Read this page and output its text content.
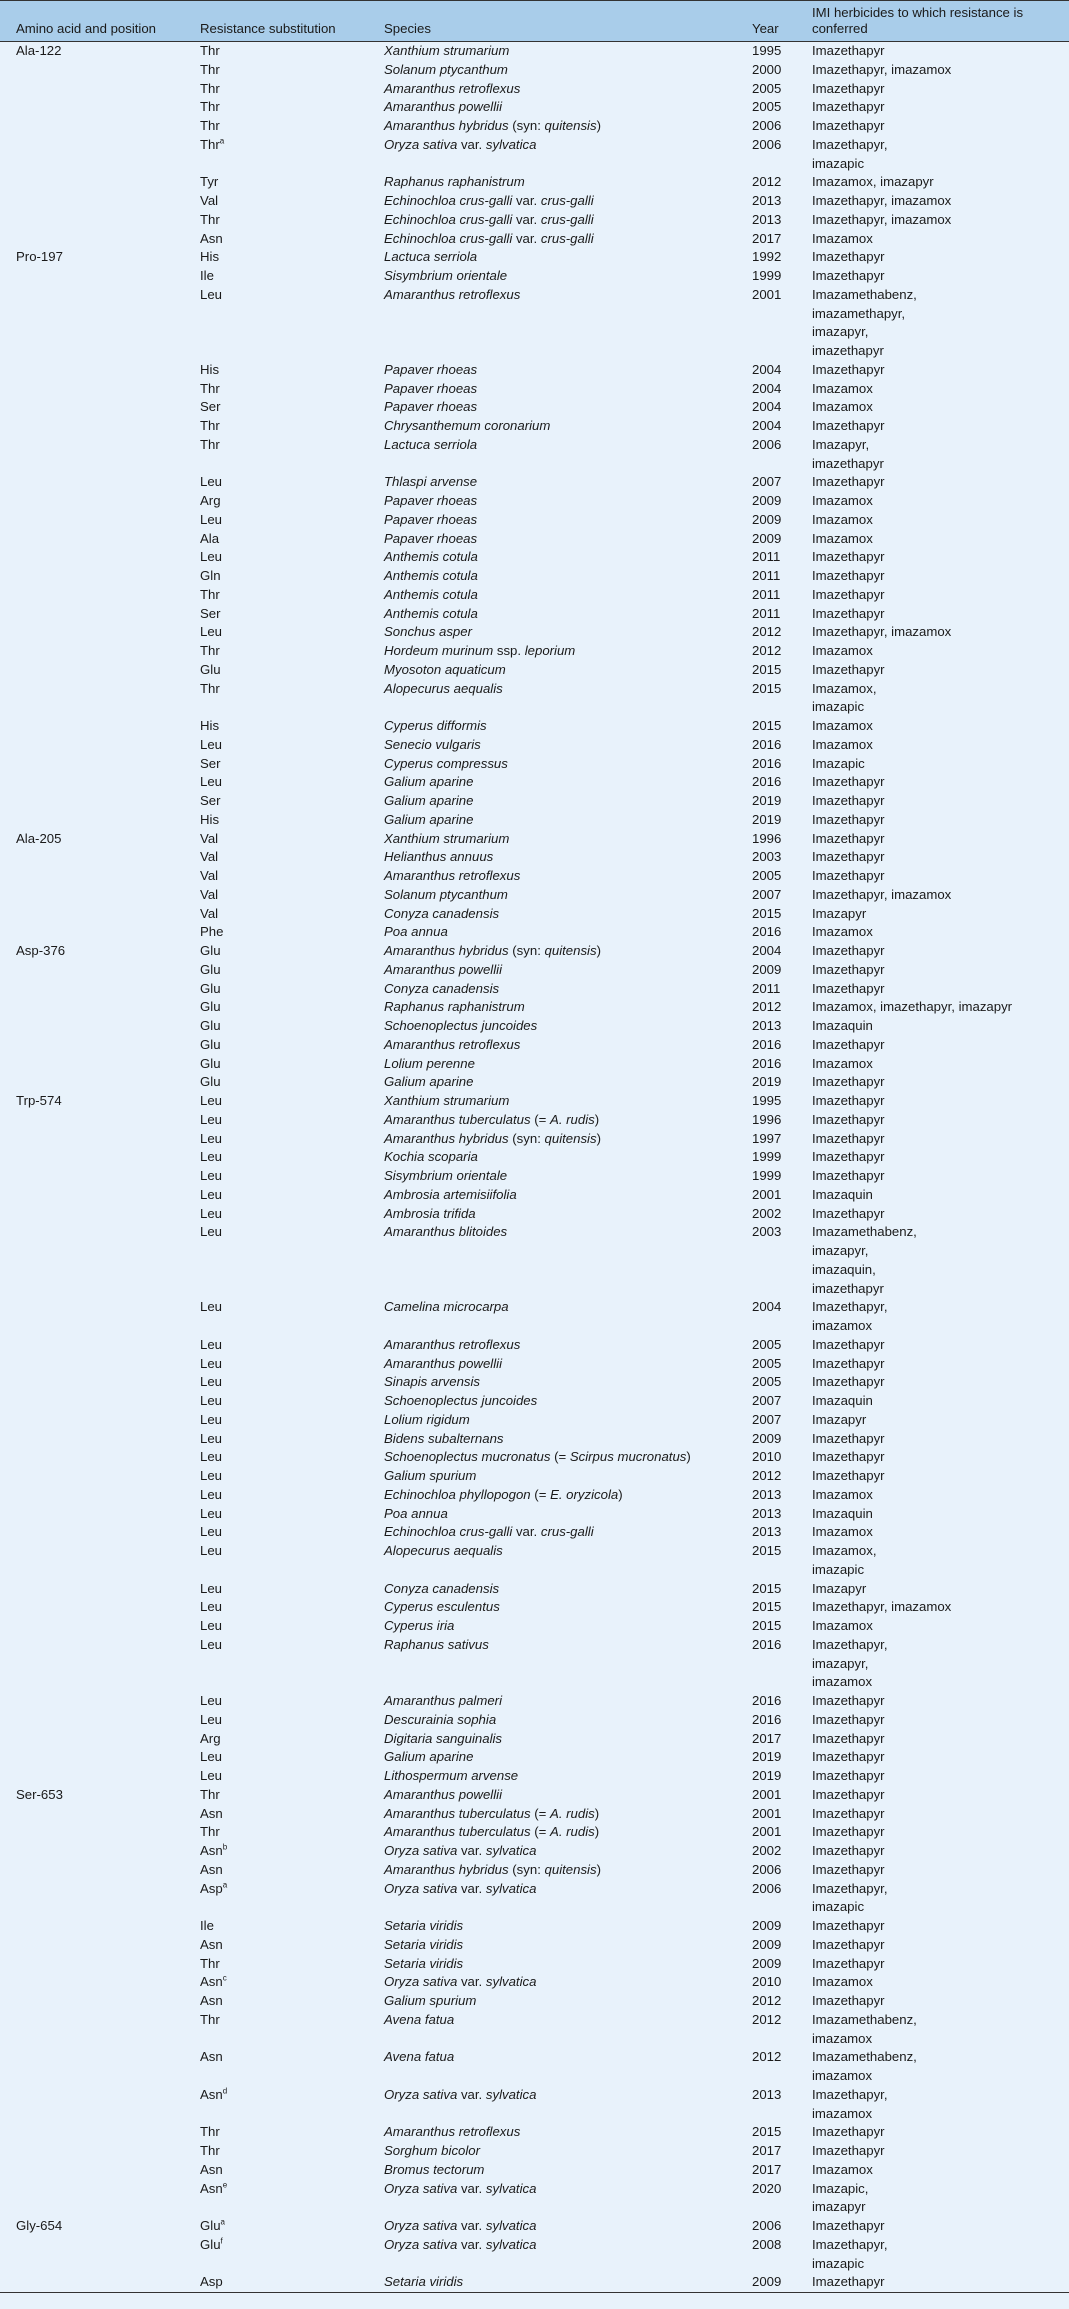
Amino acid and position	Resistance substitution	Species	Year	IMI herbicides to which resistance is conferred
Ala-122	Thr	Xanthium strumarium	1995	Imazethapyr
	Thr	Solanum ptycanthum	2000	Imazethapyr, imazamox
	Thr	Amaranthus retroflexus	2005	Imazethapyr
	Thr	Amaranthus powellii	2005	Imazethapyr
	Thr	Amaranthus hybridus (syn: quitensis)	2006	Imazethapyr
	Thr$^a$	Oryza sativa var. sylvatica	2006	Imazethapyr,
imazapic
	Tyr	Raphanus raphanistrum	2012	Imazamox, imazapyr
	Val	Echinochloa crus-galli var. crus-galli	2013	Imazethapyr, imazamox
	Thr	Echinochloa crus-galli var. crus-galli	2013	Imazethapyr, imazamox
	Asn	Echinochloa crus-galli var. crus-galli	2017	Imazamox
Pro-197	His	Lactuca serriola	1992	Imazethapyr
	Ile	Sisymbrium orientale	1999	Imazethapyr
	Leu	Amaranthus retroflexus	2001	Imazamethabenz,
imazamethapyr,
imazapyr,
imazethapyr
	His	Papaver rhoeas	2004	Imazethapyr
	Thr	Papaver rhoeas	2004	Imazamox
	Ser	Papaver rhoeas	2004	Imazamox
	Thr	Chrysanthemum coronarium	2004	Imazethapyr
	Thr	Lactuca serriola	2006	Imazapyr,
imazethapyr
	Leu	Thlaspi arvense	2007	Imazethapyr
	Arg	Papaver rhoeas	2009	Imazamox
	Leu	Papaver rhoeas	2009	Imazamox
	Ala	Papaver rhoeas	2009	Imazamox
	Leu	Anthemis cotula	2011	Imazethapyr
	Gln	Anthemis cotula	2011	Imazethapyr
	Thr	Anthemis cotula	2011	Imazethapyr
	Ser	Anthemis cotula	2011	Imazethapyr
	Leu	Sonchus asper	2012	Imazethapyr, imazamox
	Thr	Hordeum murinum ssp. leporium	2012	Imazamox
	Glu	Myosoton aquaticum	2015	Imazethapyr
	Thr	Alopecurus aequalis	2015	Imazamox,
imazapic
	His	Cyperus difformis	2015	Imazamox
	Leu	Senecio vulgaris	2016	Imazamox
	Ser	Cyperus compressus	2016	Imazapic
	Leu	Galium aparine	2016	Imazethapyr
	Ser	Galium aparine	2019	Imazethapyr
	His	Galium aparine	2019	Imazethapyr
Ala-205	Val	Xanthium strumarium	1996	Imazethapyr
	Val	Helianthus annuus	2003	Imazethapyr
	Val	Amaranthus retroflexus	2005	Imazethapyr
	Val	Solanum ptycanthum	2007	Imazethapyr, imazamox
	Val	Conyza canadensis	2015	Imazapyr
	Phe	Poa annua	2016	Imazamox
Asp-376	Glu	Amaranthus hybridus (syn: quitensis)	2004	Imazethapyr
	Glu	Amaranthus powellii	2009	Imazethapyr
	Glu	Conyza canadensis	2011	Imazethapyr
	Glu	Raphanus raphanistrum	2012	Imazamox, imazethapyr, imazapyr
	Glu	Schoenoplectus juncoides	2013	Imazaquin
	Glu	Amaranthus retroflexus	2016	Imazethapyr
	Glu	Lolium perenne	2016	Imazamox
	Glu	Galium aparine	2019	Imazethapyr
Trp-574	Leu	Xanthium strumarium	1995	Imazethapyr
	Leu	Amaranthus tuberculatus (= A. rudis)	1996	Imazethapyr
	Leu	Amaranthus hybridus (syn: quitensis)	1997	Imazethapyr
	Leu	Kochia scoparia	1999	Imazethapyr
	Leu	Sisymbrium orientale	1999	Imazethapyr
	Leu	Ambrosia artemisiifolia	2001	Imazaquin
	Leu	Ambrosia trifida	2002	Imazethapyr
	Leu	Amaranthus blitoides	2003	Imazamethabenz,
imazapyr,
imazaquin,
imazethapyr
	Leu	Camelina microcarpa	2004	Imazethapyr,
imazamox
	Leu	Amaranthus retroflexus	2005	Imazethapyr
	Leu	Amaranthus powellii	2005	Imazethapyr
	Leu	Sinapis arvensis	2005	Imazethapyr
	Leu	Schoenoplectus juncoides	2007	Imazaquin
	Leu	Lolium rigidum	2007	Imazapyr
	Leu	Bidens subalternans	2009	Imazethapyr
	Leu	Schoenoplectus mucronatus (= Scirpus mucronatus)	2010	Imazethapyr
	Leu	Galium spurium	2012	Imazethapyr
	Leu	Echinochloa phyllopogon (= E. oryzicola)	2013	Imazamox
	Leu	Poa annua	2013	Imazaquin
	Leu	Echinochloa crus-galli var. crus-galli	2013	Imazamox
	Leu	Alopecurus aequalis	2015	Imazamox,
imazapic
	Leu	Conyza canadensis	2015	Imazapyr
	Leu	Cyperus esculentus	2015	Imazethapyr, imazamox
	Leu	Cyperus iria	2015	Imazamox
	Leu	Raphanus sativus	2016	Imazethapyr,
imazapyr,
imazamox
	Leu	Amaranthus palmeri	2016	Imazethapyr
	Leu	Descurainia sophia	2016	Imazethapyr
	Arg	Digitaria sanguinalis	2017	Imazethapyr
	Leu	Galium aparine	2019	Imazethapyr
	Leu	Lithospermum arvense	2019	Imazethapyr
Ser-653	Thr	Amaranthus powellii	2001	Imazethapyr
	Asn	Amaranthus tuberculatus (= A. rudis)	2001	Imazethapyr
	Thr	Amaranthus tuberculatus (= A. rudis)	2001	Imazethapyr
	Asn$^b$	Oryza sativa var. sylvatica	2002	Imazethapyr
	Asn	Amaranthus hybridus (syn: quitensis)	2006	Imazethapyr
	Asp$^a$	Oryza sativa var. sylvatica	2006	Imazethapyr,
imazapic
	Ile	Setaria viridis	2009	Imazethapyr
	Asn	Setaria viridis	2009	Imazethapyr
	Thr	Setaria viridis	2009	Imazethapyr
	Asn$^c$	Oryza sativa var. sylvatica	2010	Imazamox
	Asn	Galium spurium	2012	Imazethapyr
	Thr	Avena fatua	2012	Imazamethabenz,
imazamox
	Asn	Avena fatua	2012	Imazamethabenz,
imazamox
	Asn$^d$	Oryza sativa var. sylvatica	2013	Imazethapyr,
imazamox
	Thr	Amaranthus retroflexus	2015	Imazethapyr
	Thr	Sorghum bicolor	2017	Imazethapyr
	Asn	Bromus tectorum	2017	Imazamox
	Asn$^e$	Oryza sativa var. sylvatica	2020	Imazapic,
imazapyr
Gly-654	Glu$^a$	Oryza sativa var. sylvatica	2006	Imazethapyr
	Glu$^f$	Oryza sativa var. sylvatica	2008	Imazethapyr,
imazapic
	Asp	Setaria viridis	2009	Imazethapyr
